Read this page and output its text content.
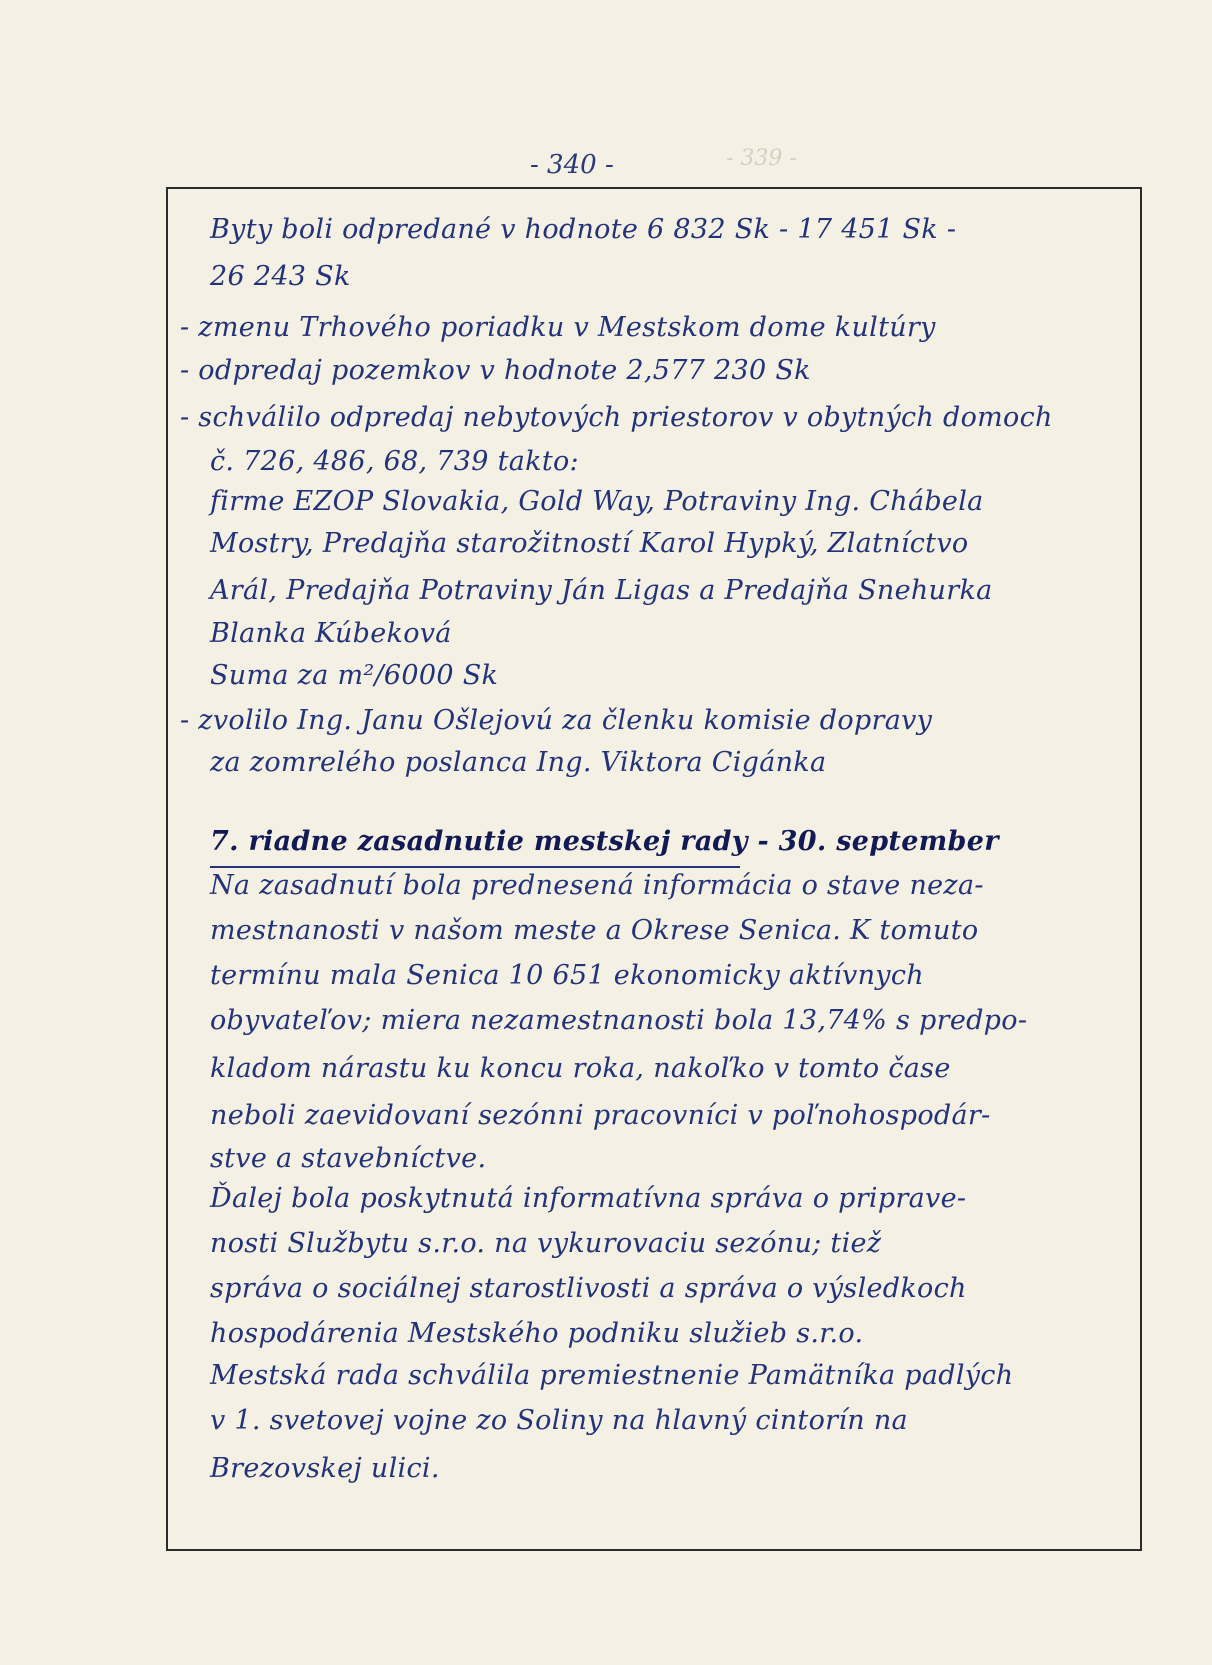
- 340 -	- 339 -
Byty boli odpredané v hodnote 6 832 Sk - 17 451 Sk -
26 243 Sk
- zmenu Trhového poriadku v Mestskom dome kultúry
- odpredaj pozemkov v hodnote 2,577 230 Sk
- schválilo odpredaj nebytových priestorov v obytných domoch
č. 726, 486, 68, 739 takto:
firme EZOP Slovakia, Gold Way, Potraviny Ing. Chábela
Mostry, Predajňa starožitností Karol Hypký, Zlatníctvo
Arál, Predajňa Potraviny Ján Ligas a Predajňa Snehurka
Blanka Kúbeková
Suma za m²/6000 Sk
- zvolilo Ing. Janu Ošlejovú za členku komisie dopravy
za zomrelého poslanca Ing. Viktora Cigánka
7. riadne zasadnutie mestskej rady - 30. september
Na zasadnutí bola prednesená informácia o stave neza-
mestnanosti v našom meste a Okrese Senica. K tomuto
termínu mala Senica 10 651 ekonomicky aktívnych
obyvateľov; miera nezamestnanosti bola 13,74% s predpo-
kladom nárastu ku koncu roka, nakoľko v tomto čase
neboli zaevidovaní sezónni pracovníci v poľnohospodár-
stve a stavebníctve.
Ďalej bola poskytnutá informatívna správa o priprave-
nosti Službytu s.r.o. na vykurovaciu sezónu; tiež
správa o sociálnej starostlivosti a správa o výsledkoch
hospodárenia Mestského podniku služieb s.r.o.
Mestská rada schválila premiestnenie Pamätníka padlých
v 1. svetovej vojne zo Soliny na hlavný cintorín na
Brezovskej ulici.
